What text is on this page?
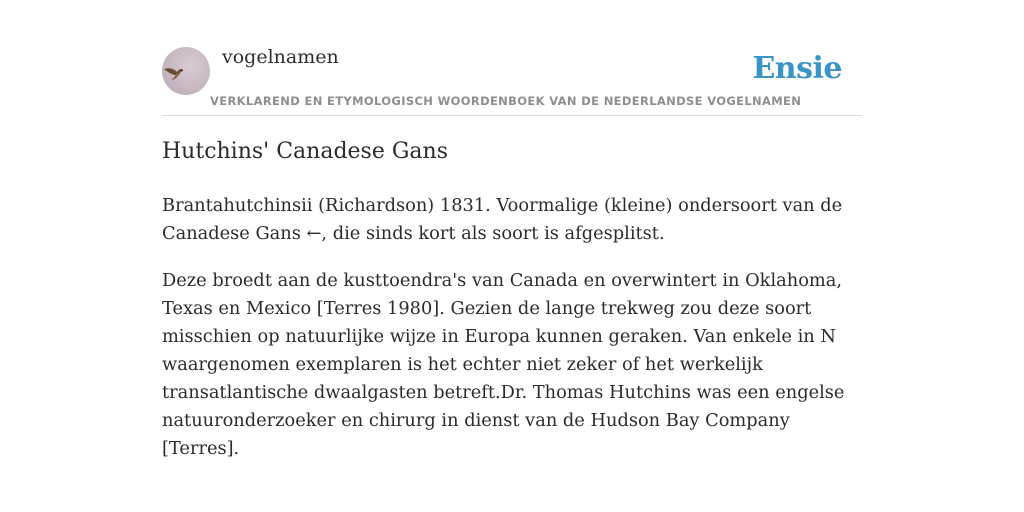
vogelnamen	Ensie
VERKLAREND EN ETYMOLOGISCH WOORDENBOEK VAN DE NEDERLANDSE VOGELNAMEN
Hutchins' Canadese Gans

Brantahutchinsii (Richardson) 1831. Voormalige (kleine) ondersoort van de Canadese Gans ←, die sinds kort als soort is afgesplitst.

Deze broedt aan de kusttoendra's van Canada en overwintert in Oklahoma, Texas en Mexico [Terres 1980]. Gezien de lange trekweg zou deze soort misschien op natuurlijke wijze in Europa kunnen geraken. Van enkele in N waargenomen exemplaren is het echter niet zeker of het werkelijk transatlantische dwaalgasten betreft.Dr. Thomas Hutchins was een engelse natuuronderzoeker en chirurg in dienst van de Hudson Bay Company [Terres].
